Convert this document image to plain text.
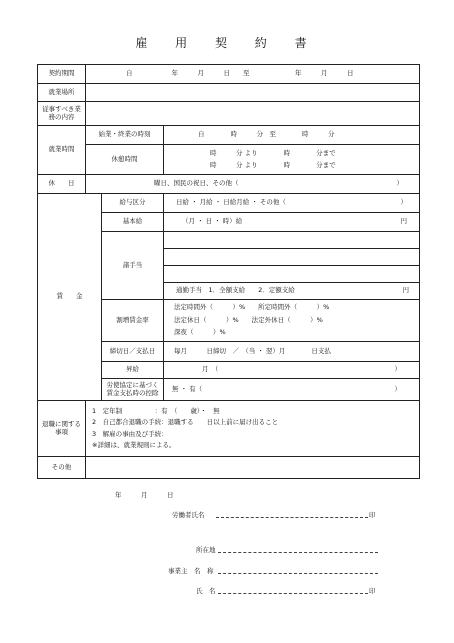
雇 用 契 約 書
契約期間	自　　　　　　年　　　月　　　日　　至　　　　　　　年　　　月　　　日		
就業場所			
従事すべき業務の内容			
就業時間	始業・終業の時刻		自　　　　時　　　分　至　　　　時　　　分
	休憩時間		時　　　分 より　　　　時　　　　分まで
時　　　分 より　　　　時　　　　分まで

休　　日	曜日、国民の祝日、その他（ ）		

賃　　金		給与区分	日給 ・ 月給 ・ 日給月給 ・ その他（ ）

		基本給	（月 ・ 日 ・ 時）給 円

		諸手当	

			通勤手当　1．全額支給　　2．定額支給 円

		割増賃金率	法定時間外（　　　）%　　所定時間外（　　　）%
法定休日（　　　）%　　法定外休日（　　　）%
深夜（　　　）%

		締切日／支払日	毎月　　　日締切　／　（当 ・ 翌）月　　　　日支払
		昇給	月　（ ）

		労使協定に基づく賃金支払時の控除	無 ・ 有（ ）

退職に関する事項	1　定年制　　　　　：有　（　　歳）・　無
2　自己都合退職の手続：退職する　　日以上前に届け出ること
3　解雇の事由及び手続：
※詳細は、就業規則による。		

その他			
年　　　月　　　日
労働者氏名	印
所在地
事業主　名　称
氏　名	印
